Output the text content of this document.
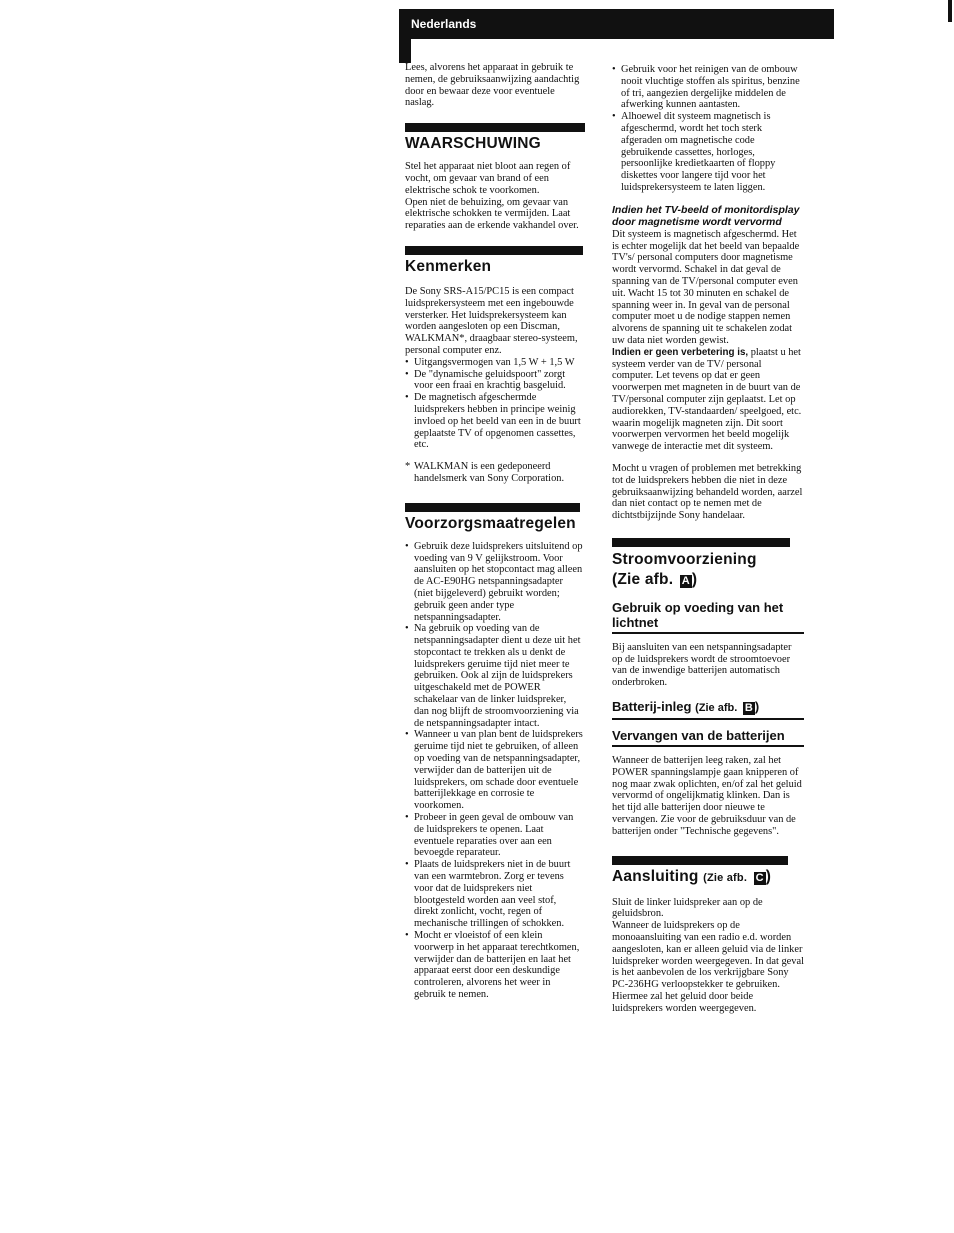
Nederlands

Lees, alvorens het apparaat in gebruik te nemen, de gebruiksaanwijzing aandachtig door en bewaar deze voor eventuele naslag.

WAARSCHUWING

Stel het apparaat niet bloot aan regen of vocht, om gevaar van brand of een elektrische schok te voorkomen.

Open niet de behuizing, om gevaar van elektrische schokken te vermijden. Laat reparaties aan de erkende vakhandel over.

Kenmerken

De Sony SRS-A15/PC15 is een compact luidsprekersysteem met een ingebouwde versterker. Het luidsprekersysteem kan worden aangesloten op een Discman, WALKMAN*, draagbaar stereo-systeem, personal computer enz.

• Uitgangsvermogen van 1,5 W + 1,5 W
• De "dynamische geluidspoort" zorgt voor een fraai en krachtig basgeluid.
• De magnetisch afgeschermde luidsprekers hebben in principe weinig invloed op het beeld van een in de buurt geplaatste TV of opgenomen cassettes, etc.
* WALKMAN is een gedeponeerd handelsmerk van Sony Corporation.
Voorzorgsmaatregelen
• Gebruik deze luidsprekers uitsluitend op voeding van 9 V gelijkstroom. Voor aansluiten op het stopcontact mag alleen de AC-E90HG netspanningsadapter (niet bijgeleverd) gebruikt worden; gebruik geen ander type netspanningsadapter.
• Na gebruik op voeding van de netspanningsadapter dient u deze uit het stopcontact te trekken als u denkt de luidsprekers geruime tijd niet meer te gebruiken. Ook al zijn de luidsprekers uitgeschakeld met de POWER schakelaar van de linker luidspreker, dan nog blijft de stroomvoorziening via de netspanningsadapter intact.
• Wanneer u van plan bent de luidsprekers geruime tijd niet te gebruiken, of alleen op voeding van de netspanningsadapter, verwijder dan de batterijen uit de luidsprekers, om schade door eventuele batterijlekkage en corrosie te voorkomen.
• Probeer in geen geval de ombouw van de luidsprekers te openen. Laat eventuele reparaties over aan een bevoegde reparateur.
• Plaats de luidsprekers niet in de buurt van een warmtebron. Zorg er tevens voor dat de luidsprekers niet blootgesteld worden aan veel stof, direkt zonlicht, vocht, regen of mechanische trillingen of schokken.
• Mocht er vloeistof of een klein voorwerp in het apparaat terechtkomen, verwijder dan de batterijen en laat het apparaat eerst door een deskundige controleren, alvorens het weer in gebruik te nemen.
• Gebruik voor het reinigen van de ombouw nooit vluchtige stoffen als spiritus, benzine of tri, aangezien dergelijke middelen de afwerking kunnen aantasten.
• Alhoewel dit systeem magnetisch is afgeschermd, wordt het toch sterk afgeraden om magnetische code gebruikende cassettes, horloges, persoonlijke kredietkaarten of floppy diskettes voor langere tijd voor het luidsprekersysteem te laten liggen.
Indien het TV-beeld of monitordisplay door magnetisme wordt vervormd

Dit systeem is magnetisch afgeschermd. Het is echter mogelijk dat het beeld van bepaalde TV's/ personal computers door magnetisme wordt vervormd. Schakel in dat geval de spanning van de TV/personal computer even uit. Wacht 15 tot 30 minuten en schakel de spanning weer in. In geval van de personal computer moet u de nodige stappen nemen alvorens de spanning uit te schakelen zodat uw data niet worden gewist.

Indien er geen verbetering is, plaatst u het systeem verder van de TV/ personal computer. Let tevens op dat er geen voorwerpen met magneten in de buurt van de TV/personal computer zijn geplaatst. Let op audiorekken, TV-standaarden/ speelgoed, etc. waarin mogelijk magneten zijn. Dit soort voorwerpen vervormen het beeld mogelijk vanwege de interactie met dit systeem.

Mocht u vragen of problemen met betrekking tot de luidsprekers hebben die niet in deze gebruiksaanwijzing behandeld worden, aarzel dan niet contact op te nemen met de dichtstbijzijnde Sony handelaar.

Stroomvoorziening
(Zie afb. A )
Gebruik op voeding van het lichtnet

Bij aansluiten van een netspanningsadapter op de luidsprekers wordt de stroomtoevoer van de inwendige batterijen automatisch onderbroken.

Batterij-inleg (Zie afb. B )
Vervangen van de batterijen

Wanneer de batterijen leeg raken, zal het POWER spanningslampje gaan knipperen of nog maar zwak oplichten, en/of zal het geluid vervormd of ongelijkmatig klinken. Dan is het tijd alle batterijen door nieuwe te vervangen. Zie voor de gebruiksduur van de batterijen onder "Technische gegevens".

Aansluiting (Zie afb. C )

Sluit de linker luidspreker aan op de geluidsbron.

Wanneer de luidsprekers op de monoaansluiting van een radio e.d. worden aangesloten, kan er alleen geluid via de linker luidspreker worden weergegeven. In dat geval is het aanbevolen de los verkrijgbare Sony PC-236HG verloopstekker te gebruiken. Hiermee zal het geluid door beide luidsprekers worden weergegeven.
